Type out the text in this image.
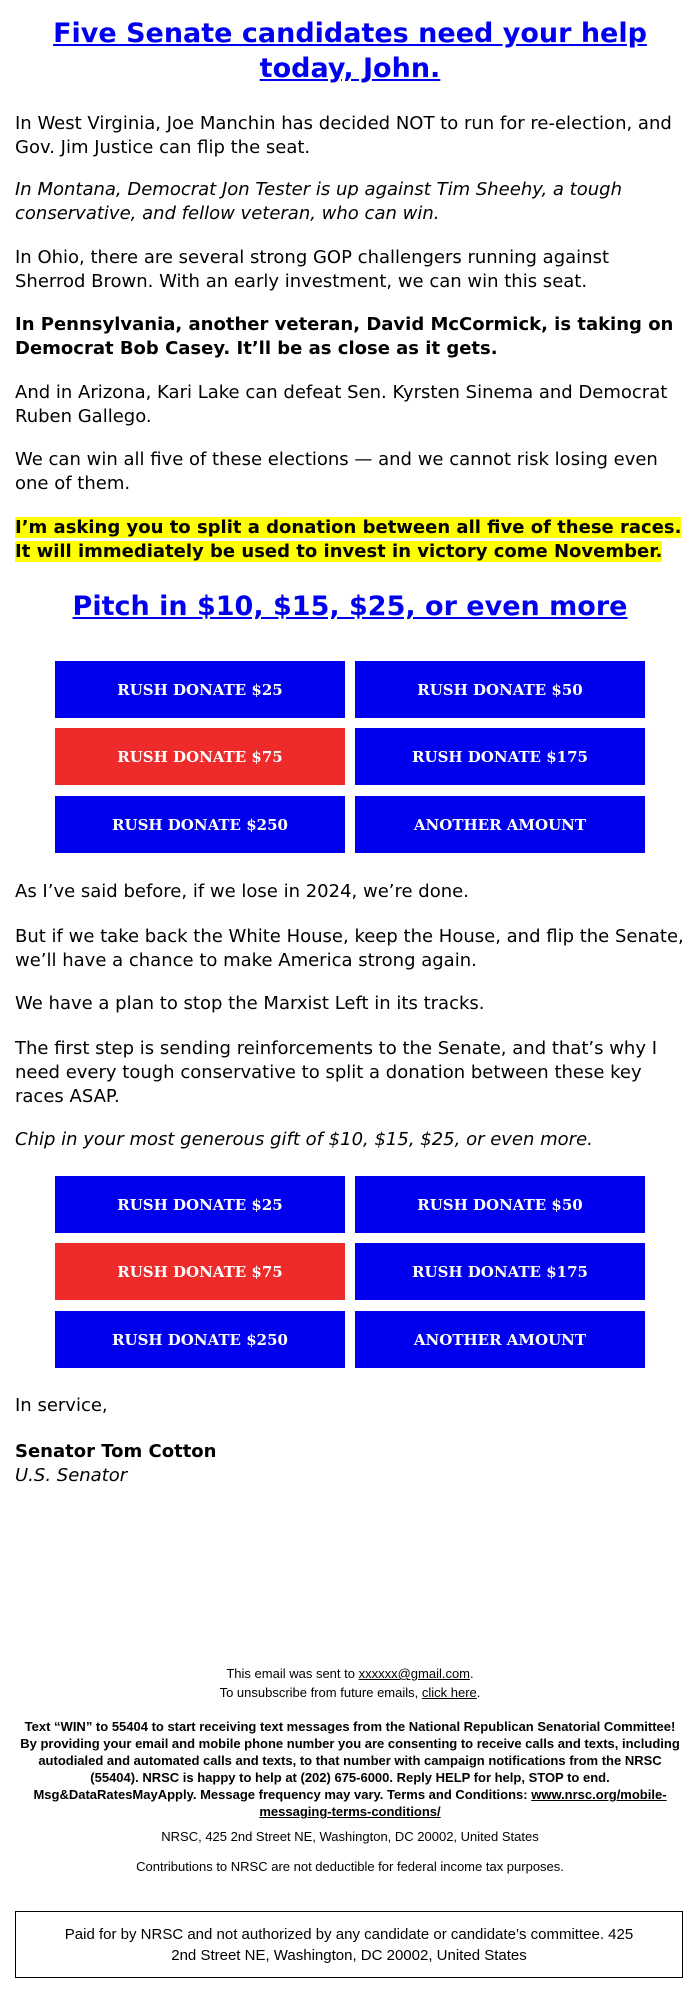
Five Senate candidates need your help today, John.

In West Virginia, Joe Manchin has decided NOT to run for re-election, and Gov. Jim Justice can flip the seat.

In Montana, Democrat Jon Tester is up against Tim Sheehy, a tough conservative, and fellow veteran, who can win.

In Ohio, there are several strong GOP challengers running against Sherrod Brown. With an early investment, we can win this seat.

In Pennsylvania, another veteran, David McCormick, is taking on Democrat Bob Casey. It’ll be as close as it gets.

And in Arizona, Kari Lake can defeat Sen. Kyrsten Sinema and Democrat Ruben Gallego.

We can win all five of these elections — and we cannot risk losing even one of them.

I’m asking you to split a donation between all five of these races. It will immediately be used to invest in victory come November.

Pitch in $10, $15, $25, or even more
RUSH DONATE $25	RUSH DONATE $50
RUSH DONATE $75	RUSH DONATE $175
RUSH DONATE $250	ANOTHER AMOUNT

As I’ve said before, if we lose in 2024, we’re done.

But if we take back the White House, keep the House, and flip the Senate, we’ll have a chance to make America strong again.

We have a plan to stop the Marxist Left in its tracks.

The first step is sending reinforcements to the Senate, and that’s why I need every tough conservative to split a donation between these key races ASAP.

Chip in your most generous gift of $10, $15, $25, or even more.

RUSH DONATE $25	RUSH DONATE $50
RUSH DONATE $75	RUSH DONATE $175
RUSH DONATE $250	ANOTHER AMOUNT

In service,

Senator Tom Cotton

U.S. Senator

This email was sent to xxxxxx@gmail.com.
To unsubscribe from future emails, click here.
Text “WIN” to 55404 to start receiving text messages from the National Republican Senatorial Committee! By providing your email and mobile phone number you are consenting to receive calls and texts, including autodialed and automated calls and texts, to that number with campaign notifications from the NRSC (55404). NRSC is happy to help at (202) 675-6000. Reply HELP for help, STOP to end. Msg&DataRatesMayApply. Message frequency may vary. Terms and Conditions: www.nrsc.org/mobile-messaging-terms-conditions/
NRSC, 425 2nd Street NE, Washington, DC 20002, United States
Contributions to NRSC are not deductible for federal income tax purposes.
Paid for by NRSC and not authorized by any candidate or candidate’s committee. 425 2nd Street NE, Washington, DC 20002, United States
